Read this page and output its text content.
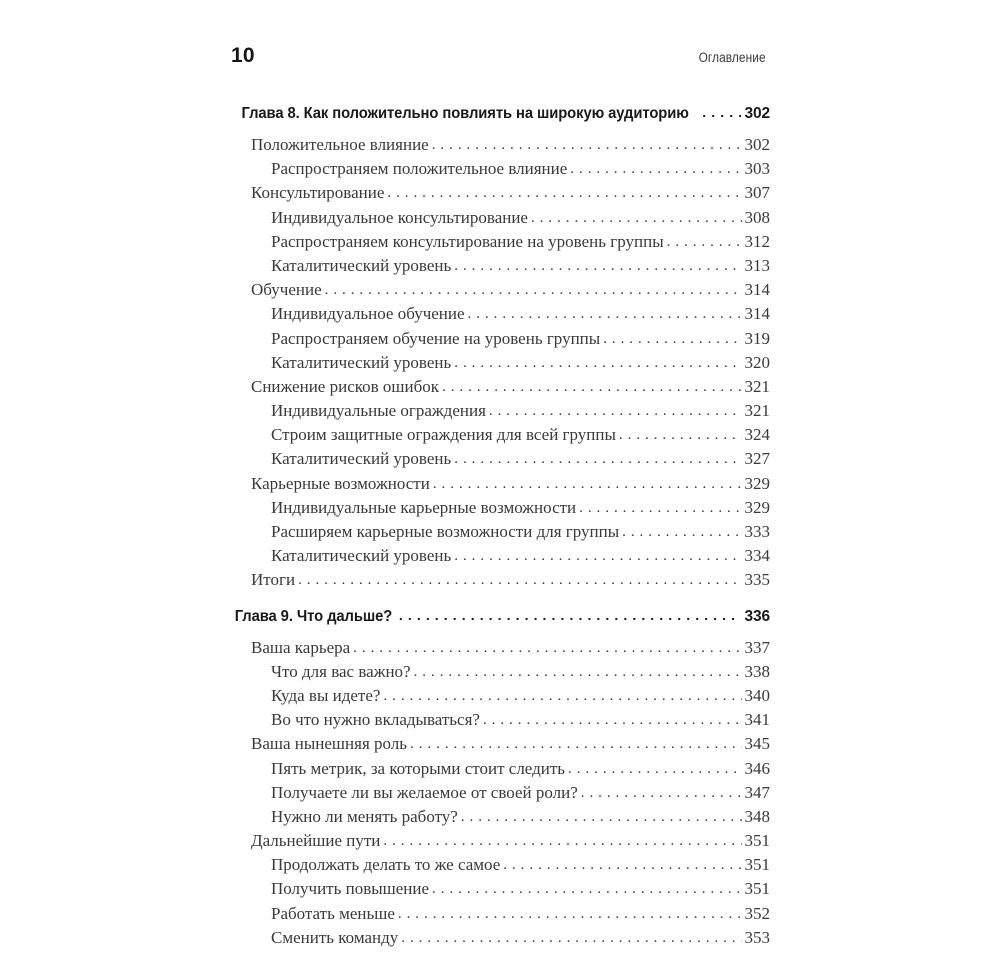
10	Оглавление
Глава 8. Как положительно повлиять на широкую аудиторию . . .	302
Положительное влияние . . .	302
Распространяем положительное влияние . . .	303
Консультирование . . .	307
Индивидуальное консультирование . . .	308
Распространяем консультирование на уровень группы . . .	312
Каталитический уровень . . .	313
Обучение . . .	314
Индивидуальное обучение . . .	314
Распространяем обучение на уровень группы . . .	319
Каталитический уровень . . .	320
Снижение рисков ошибок . . .	321
Индивидуальные ограждения . . .	321
Строим защитные ограждения для всей группы . . .	324
Каталитический уровень . . .	327
Карьерные возможности . . .	329
Индивидуальные карьерные возможности . . .	329
Расширяем карьерные возможности для группы . . .	333
Каталитический уровень . . .	334
Итоги . . .	335
Глава 9. Что дальше? . . .	336
Ваша карьера . . .	337
Что для вас важно? . . .	338
Куда вы идете? . . .	340
Во что нужно вкладываться? . . .	341
Ваша нынешняя роль . . .	345
Пять метрик, за которыми стоит следить . . .	346
Получаете ли вы желаемое от своей роли? . . .	347
Нужно ли менять работу? . . .	348
Дальнейшие пути . . .	351
Продолжать делать то же самое . . .	351
Получить повышение . . .	351
Работать меньше . . .	352
Сменить команду . . .	353
